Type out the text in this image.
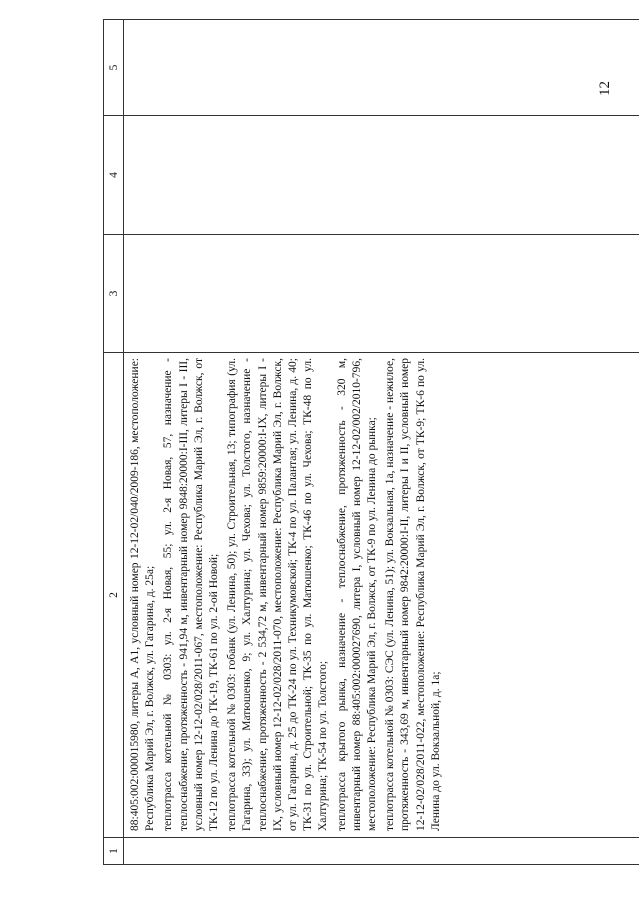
12
1	2	3	4	5

	88:405:002:000015980, литеры А, А1, условный номер 12-12-02/040/2009-186, местоположение: Республика Марий Эл, г. Волжск, ул. Гагарина, д. 25а; теплотрасса котельной № 0303: ул. 2-я Новая, 55; ул. 2-я Новая, 57, назначение - теплоснабжение, протяженность - 941,94 м, инвентарный номер 9848:20000:I-III, литеры I - III, условный номер 12-12-02/028/2011-067, местоположение: Республика Марий Эл, г. Волжск, от ТК-12 по ул. Ленина до ТК-19, ТК-61 по ул. 2-ой Новой; теплотрасса котельной № 0303: гобанк (ул. Ленина, 50); ул. Строительная, 13; типография (ул. Гагарина, 33); ул. Матюшенко, 9; ул. Халтурина; ул. Чехова; ул. Толстого, назначение - теплоснабжение, протяженность - 2 534,72 м, инвентарный номер 9859:20000:I-IX, литеры I - IX, условный номер 12-12-02/028/2011-070, местоположение: Республика Марий Эл, г. Волжск, от ул. Гагарина, д. 25 до ТК-24 по ул. Техникумовской; ТК-4 по ул. Палантая; ул. Ленина, д. 40; ТК-31 по ул. Строительной; ТК-35 по ул. Матюшенко; ТК-46 по ул. Чехова; ТК-48 по ул. Халтурина; ТК-54 по ул. Толстого; теплотрасса крытого рынка, назначение - теплоснабжение, протяженность - 320 м, инвентарный номер 88:405:002:000027690, литера I, условный номер 12-12-02/002/2010-796, местоположение: Республика Марий Эл, г. Волжск, от ТК-9 по ул. Ленина до рынка; теплотрасса котельной № 0303: СЭС (ул. Ленина, 51); ул. Вокзальная, 1а, назначение - нежилое, протяженность - 343,69 м, инвентарный номер 9842:20000:I-II, литеры I и II, условный номер 12-12-02/028/2011-022, местоположение: Республика Марий Эл, г. Волжск, от ТК-9; ТК-6 по ул. Ленина до ул. Вокзальной, д. 1а;			
